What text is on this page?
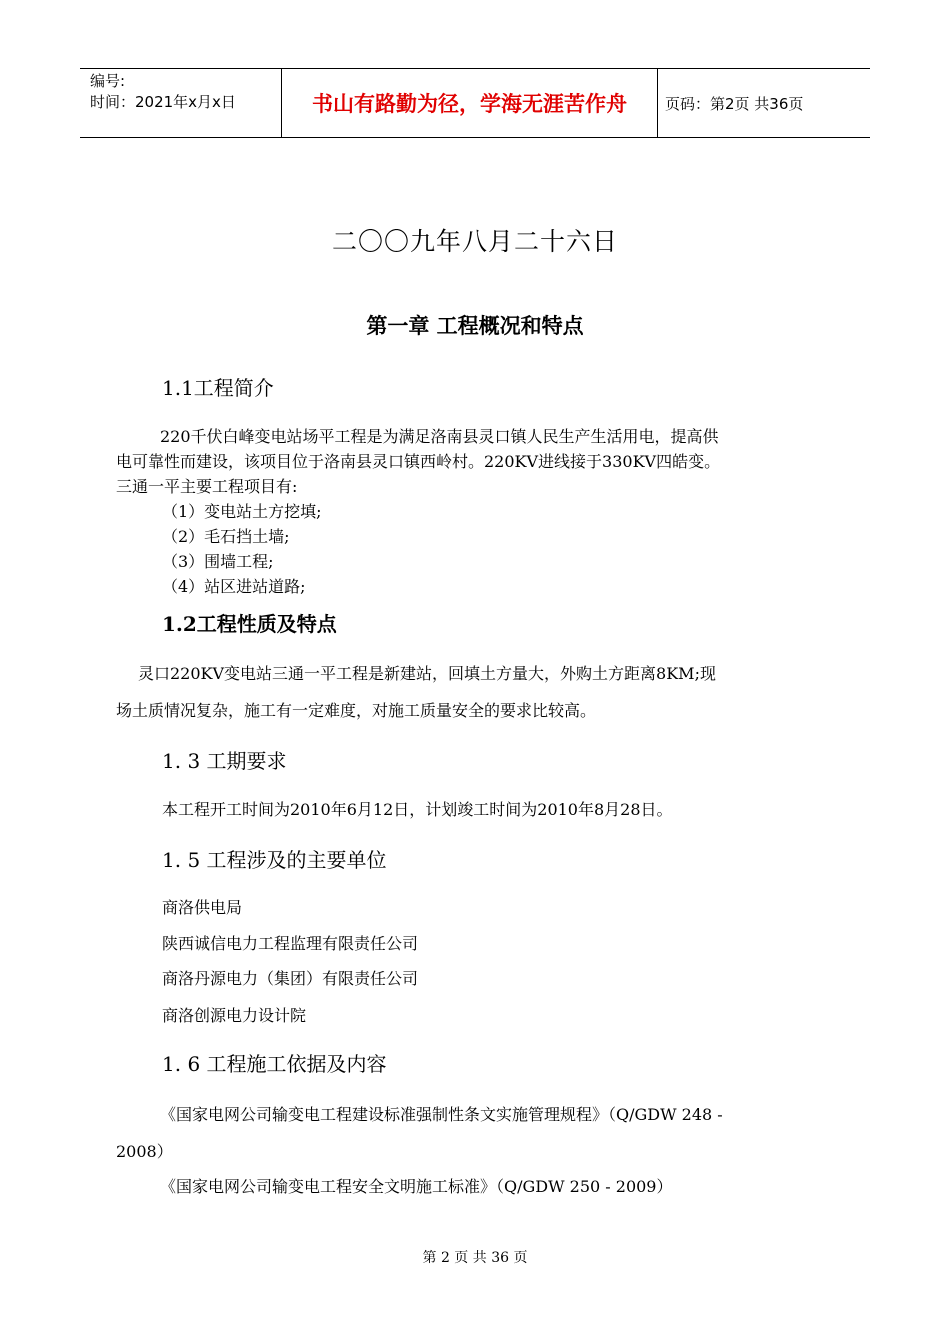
编号:
时间：2021年x月x日	书山有路勤为径，学海无涯苦作舟	页码：第2页 共36页
二〇〇九年八月二十六日
第一章 工程概况和特点
1.1工程简介
220千伏白峰变电站场平工程是为满足洛南县灵口镇人民生产生活用电，提高供
电可靠性而建设，该项目位于洛南县灵口镇西岭村。220KV进线接于330KV四皓变。
三通一平主要工程项目有:
（1）变电站土方挖填;
（2）毛石挡土墙;
（3）围墙工程;
（4）站区进站道路;
1.2工程性质及特点
灵口220KV变电站三通一平工程是新建站，回填土方量大，外购土方距离8KM;现
场土质情况复杂，施工有一定难度，对施工质量安全的要求比较高。
1. 3 工期要求
本工程开工时间为2010年6月12日，计划竣工时间为2010年8月28日。
1. 5 工程涉及的主要单位
商洛供电局
陕西诚信电力工程监理有限责任公司
商洛丹源电力（集团）有限责任公司
商洛创源电力设计院
1. 6 工程施工依据及内容
《国家电网公司输变电工程建设标准强制性条文实施管理规程》（Q/GDW 248 -
2008）
《国家电网公司输变电工程安全文明施工标准》（Q/GDW 250 - 2009）
第 2 页 共 36 页
